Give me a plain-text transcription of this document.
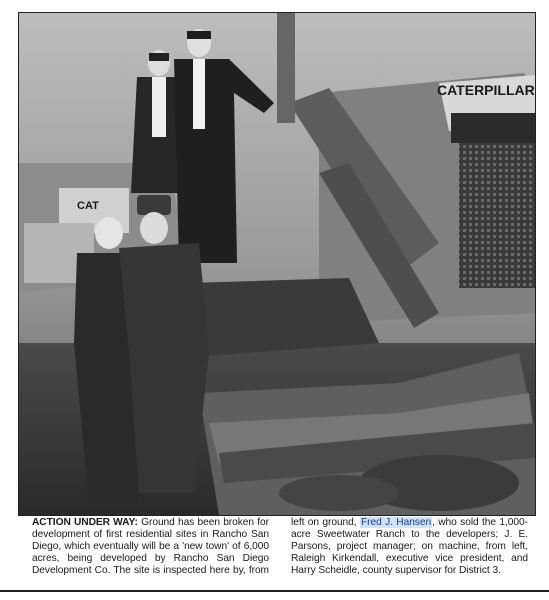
CATERPILLAR
CAT
ACTION UNDER WAY: Ground has been broken for development of first residential sites in Rancho San Diego, which eventually will be a 'new town' of 6,000 acres, being developed by Rancho San Diego Development Co. The site is inspected here by, from left on ground, Fred J. Hansen, who sold the 1,000-acre Sweetwater Ranch to the developers; J. E. Parsons, project manager; on machine, from left, Raleigh Kirkendall, executive vice president, and Harry Scheidle, county supervisor for District 3.
